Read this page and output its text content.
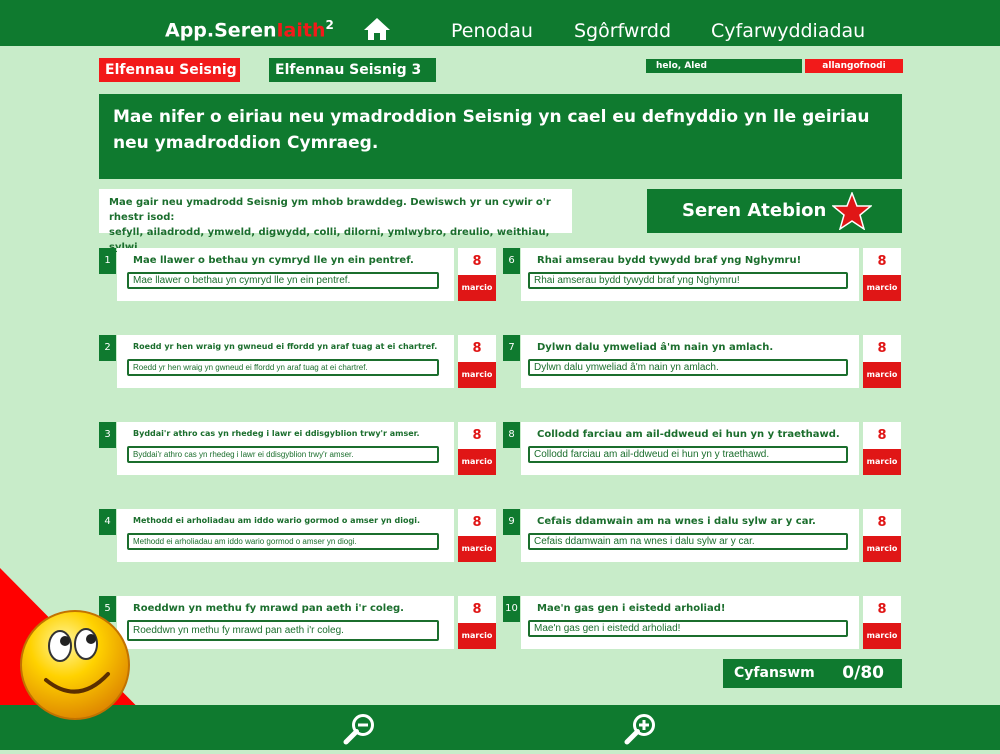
App.SerenIaith$^2$	Penodau Sgôrfwrdd Cyfarwyddiadau
Elfennau Seisnig	Elfennau Seisnig 3	helo, Aled	allangofnodi
Mae nifer o eiriau neu ymadroddion Seisnig yn cael eu defnyddio yn lle geiriau neu ymadroddion Cymraeg.
Mae gair neu ymadrodd Seisnig ym mhob brawddeg. Dewiswch yr un cywir o'r rhestr isod:
sefyll, ailadrodd, ymweld, digwydd, colli, dilorni, ymlwybro, dreulio, weithiau,
Seren Atebion
1	Mae llawer o bethau yn cymryd lle yn ein pentref.
Mae llawer o bethau yn cymryd lle yn ein pentref.	8
marcio
2	Roedd yr hen wraig yn gwneud ei ffordd yn araf tuag at ei chartref.
Roedd yr hen wraig yn gwneud ei ffordd yn araf tuag at ei chartref.	8
marcio
3	Byddai'r athro cas yn rhedeg i lawr ei ddisgyblion trwy'r amser.
Byddai'r athro cas yn rhedeg i lawr ei ddisgyblion trwy'r amser.	8
marcio
4	Methodd ei arholiadau am iddo wario gormod o amser yn diogi.
Methodd ei arholiadau am iddo wario gormod o amser yn diogi.	8
marcio
5	Roeddwn yn methu fy mrawd pan aeth i'r coleg.
Roeddwn yn methu fy mrawd pan aeth i'r coleg.	8
marcio
6	Rhai amserau bydd tywydd braf yng Nghymru!
Rhai amserau bydd tywydd braf yng Nghymru!	8
marcio
7	Dylwn dalu ymweliad â'm nain yn amlach.
Dylwn dalu ymweliad â'm nain yn amlach.	8
marcio
8	Collodd farciau am ail-ddweud ei hun yn y traethawd.
Collodd farciau am ail-ddweud ei hun yn y traethawd.	8
marcio
9	Cefais ddamwain am na wnes i dalu sylw ar y car.
Cefais ddamwain am na wnes i dalu sylw ar y car.	8
marcio
10 Mae'n gas gen i eistedd arholiad!
Mae'n gas gen i eistedd arholiad!	8
marcio
Cyfanswm 0/80
